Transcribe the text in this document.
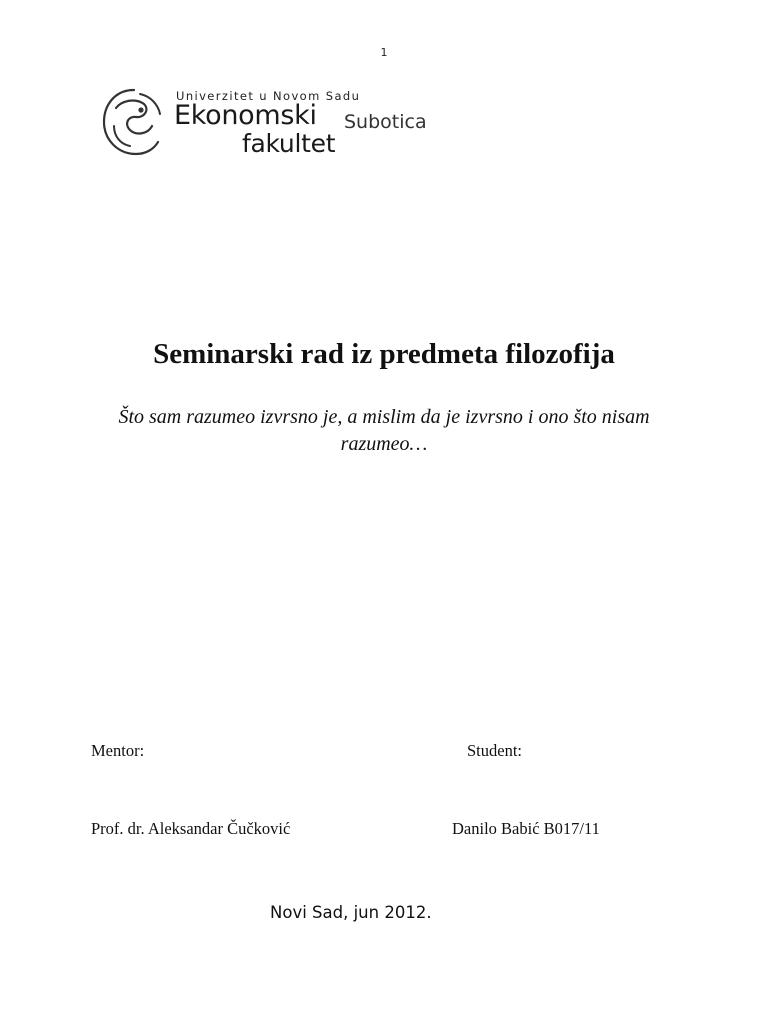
1
Univerzitet u Novom Sadu
Ekonomski Subotica
fakultet
Seminarski rad iz predmeta filozofija
Što sam razumeo izvrsno je, a mislim da je izvrsno i ono što nisam razumeo…
Mentor:	Student:
Prof. dr. Aleksandar Čučković	Danilo Babić B017/11
Novi Sad, jun 2012.
